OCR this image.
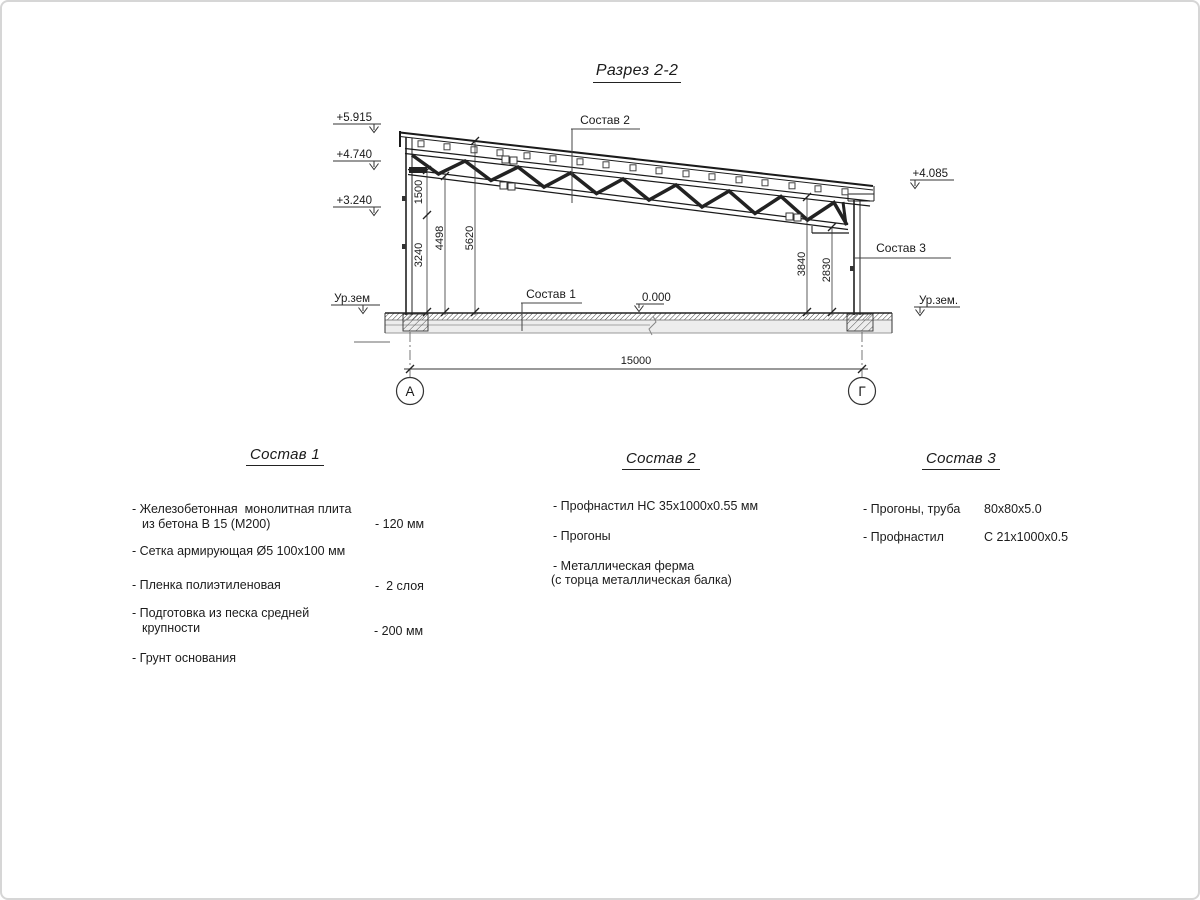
Разрез 2-2
1500
3240
4498 5620
3840 2830
15000
А	Г
+5.915
+4.740
+3.240
+4.085
Ур.зем	Ур.зем.
0.000
Состав 2
Состав 1
Состав 3
Состав 1	Состав 2	Состав 3
- Железобетонная  монолитная плита
из бетона В 15 (М200)	- 120 мм
- Сетка армирующая Ø5 100х100 мм
- Пленка полиэтиленовая	-  2 слоя
- Подготовка из песка средней
крупности	- 200 мм
- Грунт основания
- Профнастил НС 35х1000х0.55 мм
- Прогоны
- Металлическая ферма
(с торца металлическая балка)
- Прогоны, труба 80х80х5.0
- Профнастил	С 21х1000х0.5
